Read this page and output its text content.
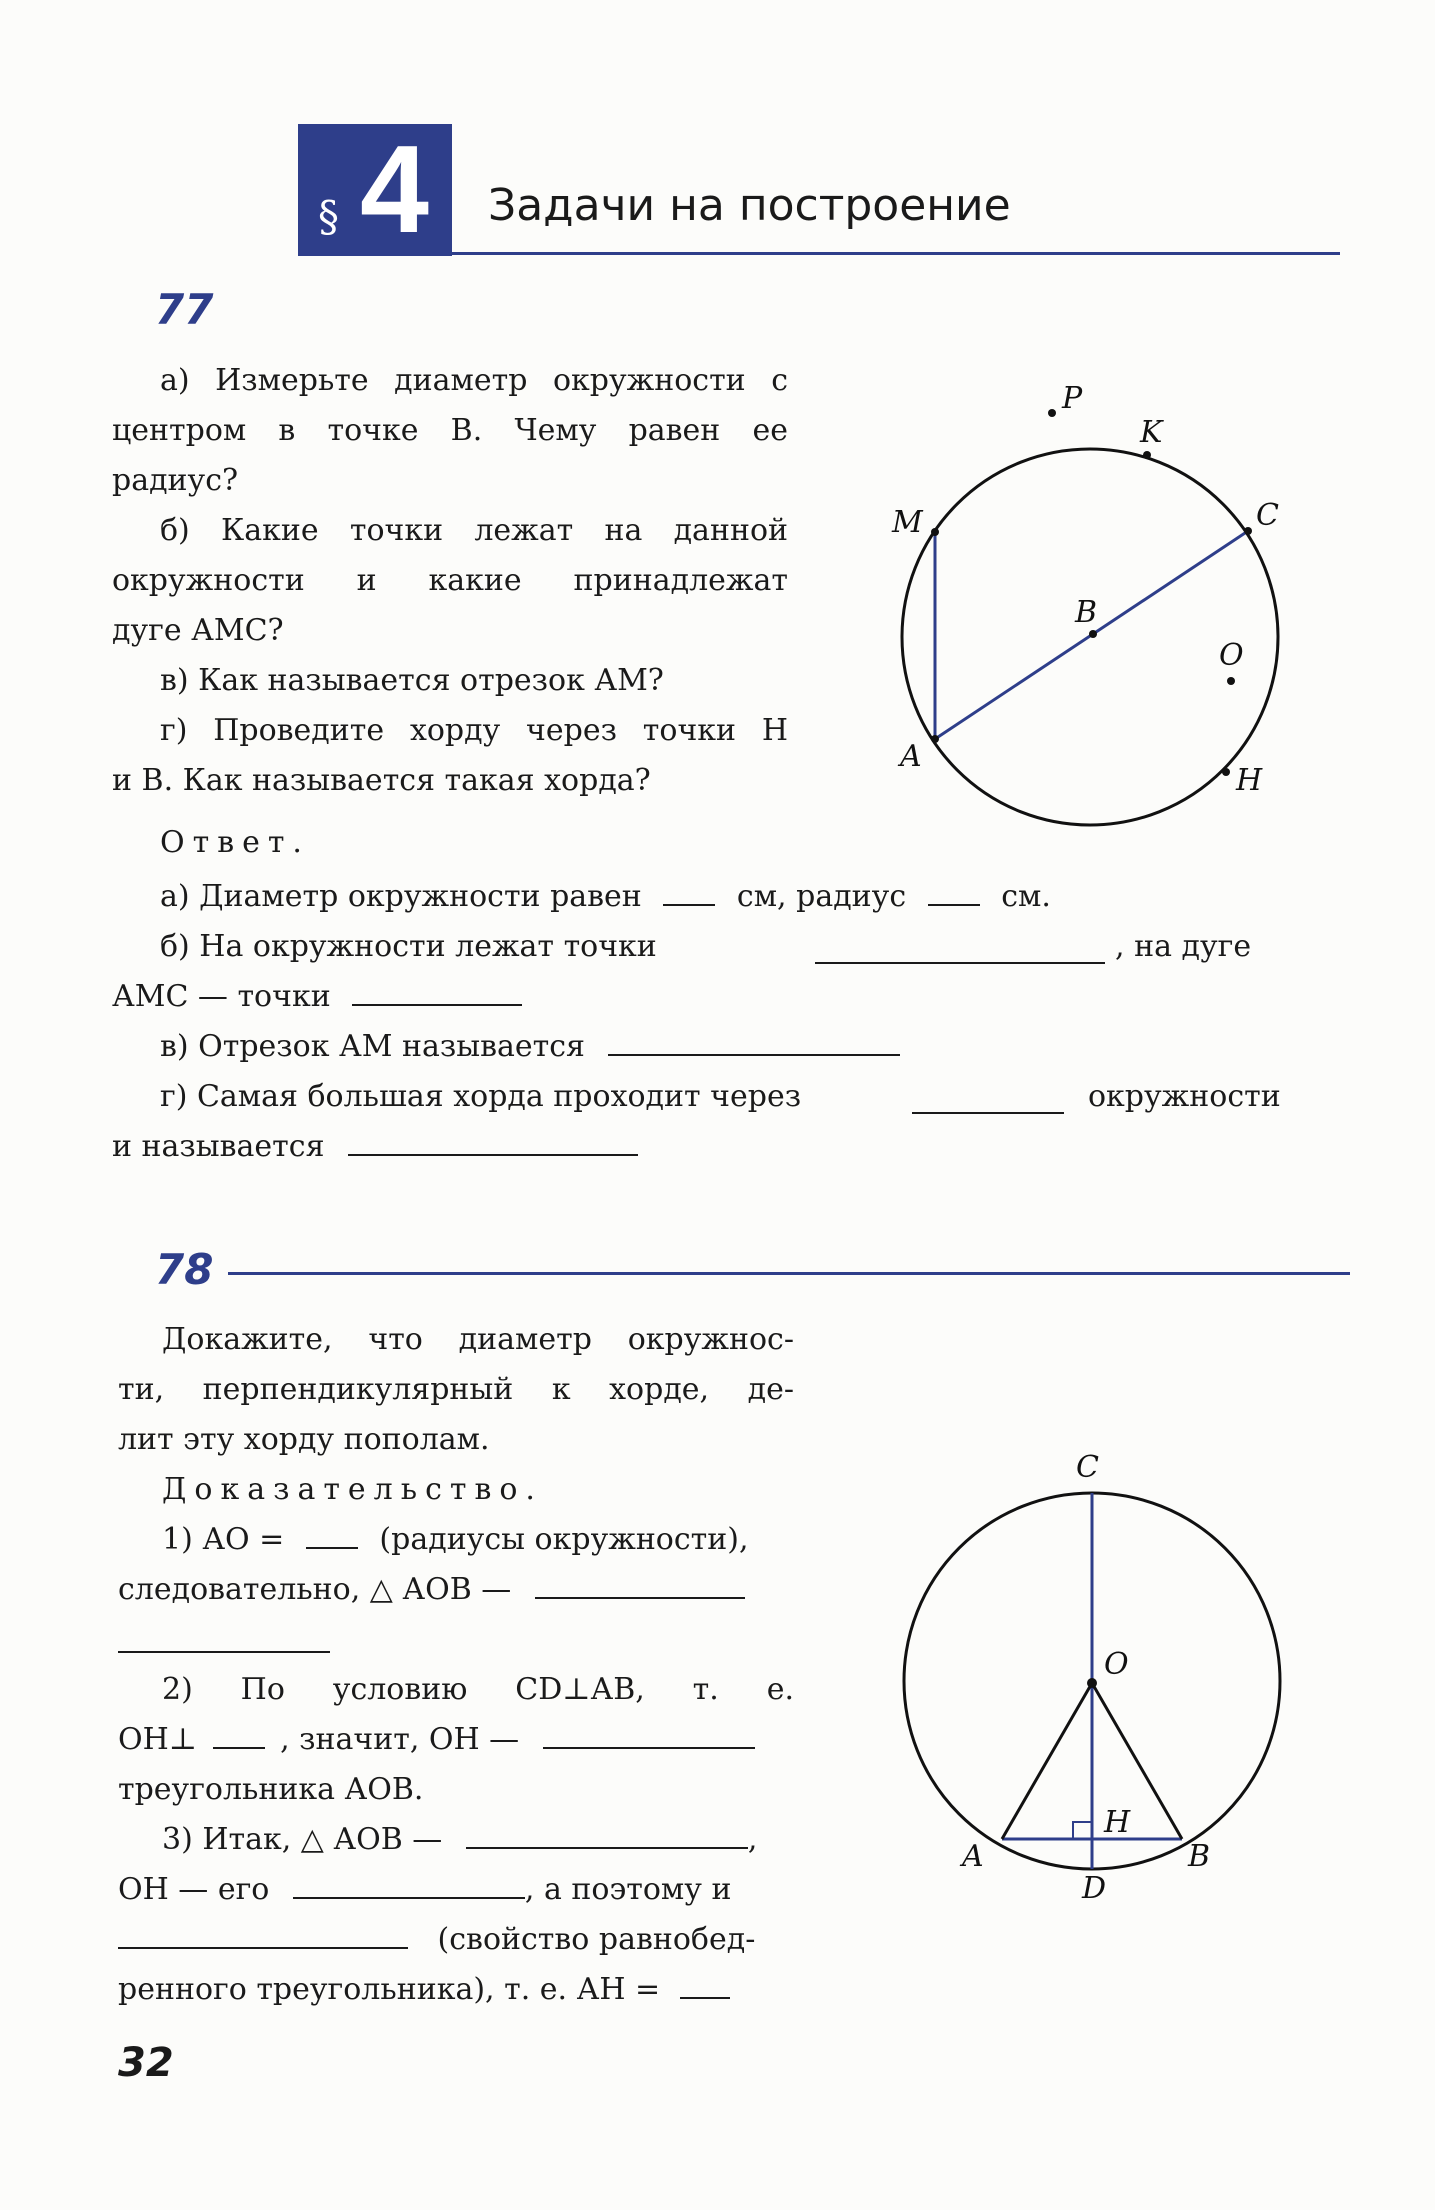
§ 4 Задачи на построение
77
а) Измерьте диаметр окружности с
центром в точке В. Чему равен ее
радиус?
б) Какие точки лежат на данной
окружности и какие принадлежат
дуге АМС?
в) Как называется отрезок АМ?
г) Проведите хорду через точки Н
и В. Как называется такая хорда?
P
K
M	C
B
O
A
H
Ответ.
а) Диаметр окружности равен	см, радиус	см.
б) На окружности лежат точки	, на дуге
АМС — точки
в) Отрезок АМ называется
г) Самая большая хорда проходит через	окружности
и называется
78
Докажите, что диаметр окружнос-
ти, перпендикулярный к хорде, де-
лит эту хорду пополам.
Доказательство.
1) АО =	(радиусы окружности),
следовательно, △ АОВ —
2) По условию СD⊥АВ, т. е.
ОН⊥	, значит, ОН —
треугольника АОВ.
3) Итак, △ АОВ —	,
ОН — его	, а поэтому и
(свойство равнобед-
ренного треугольника), т. е. АН =
C
O
H
A	B
D
32
